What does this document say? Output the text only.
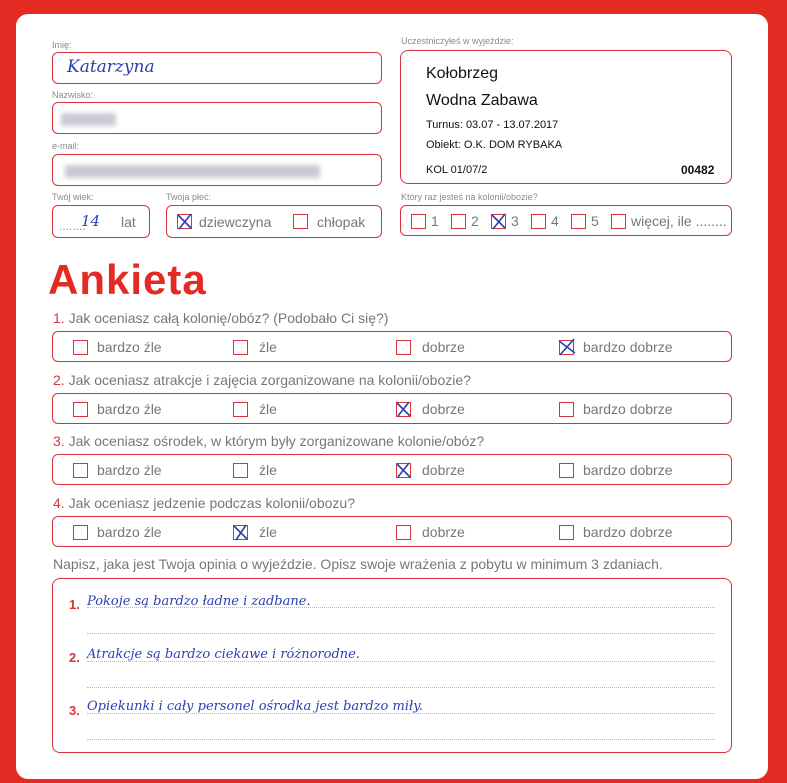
Imię:
Katarzyna
Nazwisko:
e-mail:
Twój wiek:
........
14 lat
Twoja płeć:
dziewczyna	chłopak
Uczestniczyłeś w wyjeździe:
Kołobrzeg
Wodna Zabawa
Turnus: 03.07 - 13.07.2017
Obiekt: O.K. DOM RYBAKA
KOL 01/07/2	00482
Który raz jesteś na kolonii/obozie?
1 2 3 4 5 więcej, ile ........
Ankieta
1. Jak oceniasz całą kolonię/obóz? (Podobało Ci się?)
bardzo źle	źle	dobrze	bardzo dobrze
2. Jak oceniasz atrakcje i zajęcia zorganizowane na kolonii/obozie?
bardzo źle	źle	dobrze	bardzo dobrze
3. Jak oceniasz ośrodek, w którym były zorganizowane kolonie/obóz?
bardzo źle	źle	dobrze	bardzo dobrze
4. Jak oceniasz jedzenie podczas kolonii/obozu?
bardzo źle	źle	dobrze	bardzo dobrze
Napisz, jaka jest Twoja opinia o wyjeździe. Opisz swoje wrażenia z pobytu w minimum 3 zdaniach.
1. Pokoje są bardzo ładne i zadbane.
2. Atrakcje są bardzo ciekawe i różnorodne.
3. Opiekunki i cały personel ośrodka jest bardzo miły.
